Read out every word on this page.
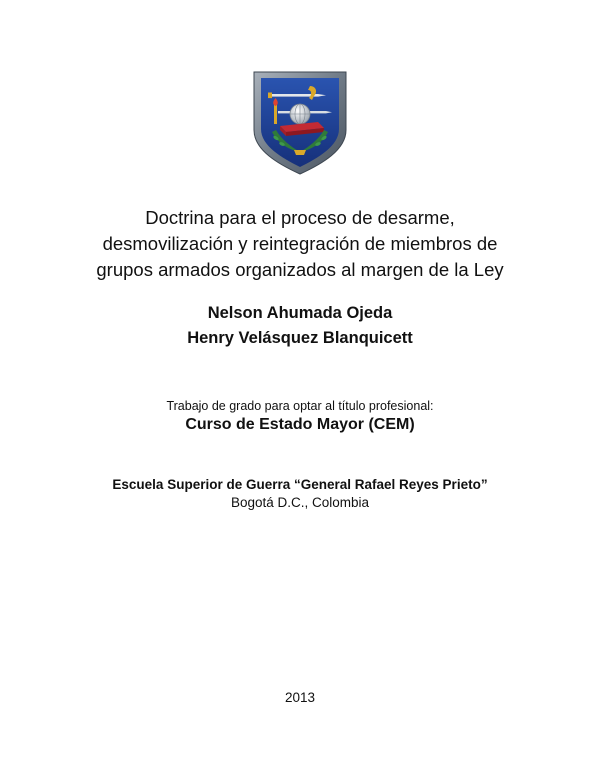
Doctrina para el proceso de desarme,
desmovilización y reintegración de miembros de
grupos armados organizados al margen de la Ley
Nelson Ahumada Ojeda
Henry Velásquez Blanquicett
Trabajo de grado para optar al título profesional:
Curso de Estado Mayor (CEM)
Escuela Superior de Guerra “General Rafael Reyes Prieto”
Bogotá D.C., Colombia
2013
